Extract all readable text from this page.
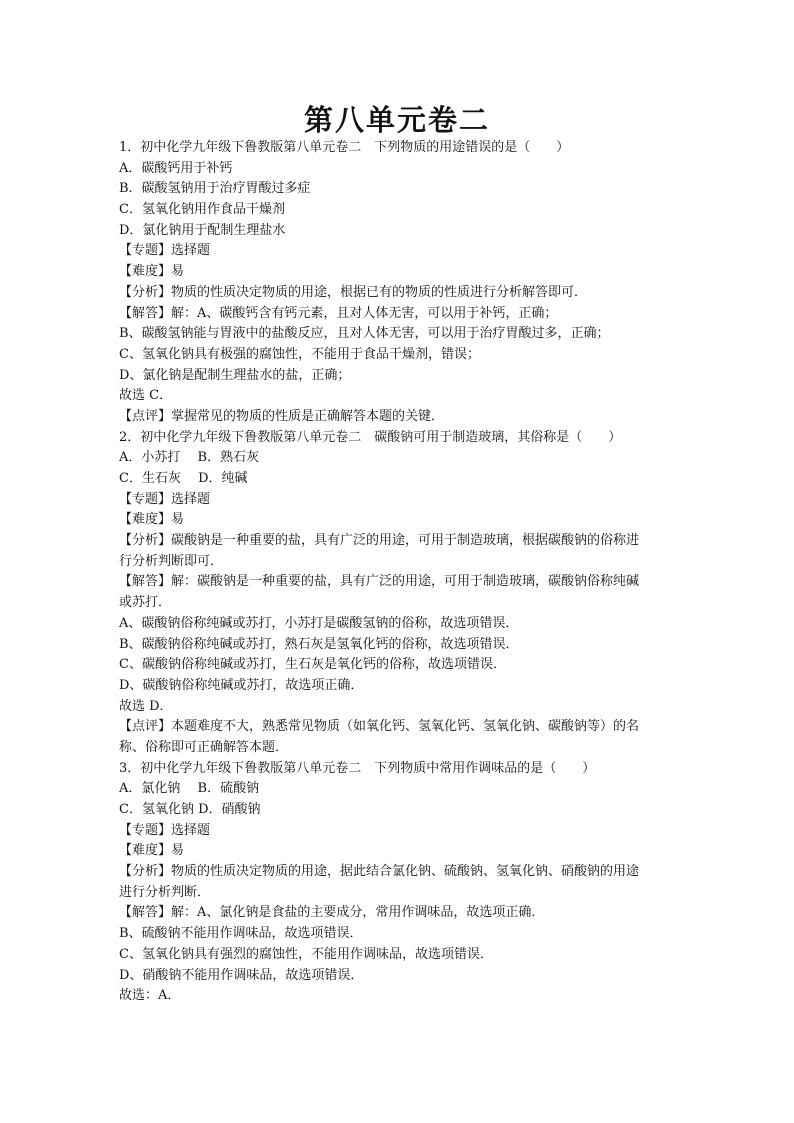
第八单元卷二
1．初中化学九年级下鲁教版第八单元卷二　下列物质的用途错误的是（　　）
A．碳酸钙用于补钙
B．碳酸氢钠用于治疗胃酸过多症
C．氢氧化钠用作食品干燥剂
D．氯化钠用于配制生理盐水
【专题】选择题
【难度】易
【分析】物质的性质决定物质的用途，根据已有的物质的性质进行分析解答即可．
【解答】解：A、碳酸钙含有钙元素，且对人体无害，可以用于补钙，正确；
B、碳酸氢钠能与胃液中的盐酸反应，且对人体无害，可以用于治疗胃酸过多，正确；
C、氢氧化钠具有极强的腐蚀性，不能用于食品干燥剂，错误；
D、氯化钠是配制生理盐水的盐，正确；
故选 C．
【点评】掌握常见的物质的性质是正确解答本题的关键．
2．初中化学九年级下鲁教版第八单元卷二　碳酸钠可用于制造玻璃，其俗称是（　　）
A．小苏打　 B．熟石灰
C．生石灰　 D．纯碱
【专题】选择题
【难度】易
【分析】碳酸钠是一种重要的盐，具有广泛的用途，可用于制造玻璃，根据碳酸钠的俗称进
行分析判断即可．
【解答】解：碳酸钠是一种重要的盐，具有广泛的用途，可用于制造玻璃，碳酸钠俗称纯碱
或苏打．
A、碳酸钠俗称纯碱或苏打，小苏打是碳酸氢钠的俗称，故选项错误．
B、碳酸钠俗称纯碱或苏打，熟石灰是氢氧化钙的俗称，故选项错误．
C、碳酸钠俗称纯碱或苏打，生石灰是氧化钙的俗称，故选项错误．
D、碳酸钠俗称纯碱或苏打，故选项正确．
故选 D．
【点评】本题难度不大，熟悉常见物质（如氧化钙、氢氧化钙、氢氧化钠、碳酸钠等）的名
称、俗称即可正确解答本题．
3．初中化学九年级下鲁教版第八单元卷二　下列物质中常用作调味品的是（　　）
A．氯化钠　 B．硫酸钠
C．氢氧化钠 D．硝酸钠
【专题】选择题
【难度】易
【分析】物质的性质决定物质的用途，据此结合氯化钠、硫酸钠、氢氧化钠、硝酸钠的用途
进行分析判断．
【解答】解：A、氯化钠是食盐的主要成分，常用作调味品，故选项正确．
B、硫酸钠不能用作调味品，故选项错误．
C、氢氧化钠具有强烈的腐蚀性，不能用作调味品，故选项错误．
D、硝酸钠不能用作调味品，故选项错误．
故选：A．
